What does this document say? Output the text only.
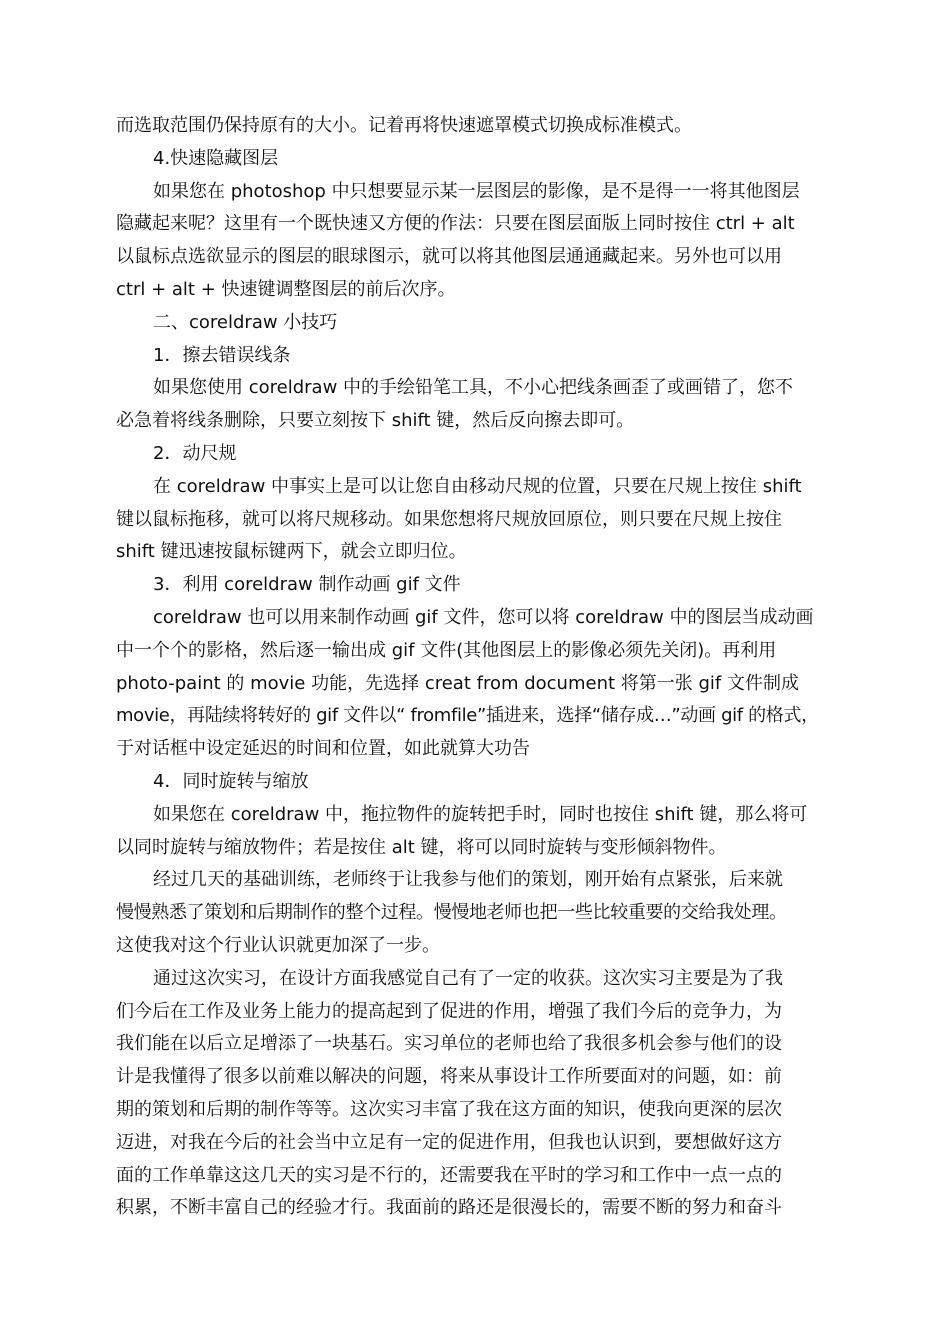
而选取范围仍保持原有的大小。记着再将快速遮罩模式切换成标准模式。
4.快速隐藏图层
如果您在 photoshop 中只想要显示某一层图层的影像，是不是得一一将其他图层
隐藏起来呢？这里有一个既快速又方便的作法：只要在图层面版上同时按住 ctrl + alt
以鼠标点选欲显示的图层的眼球图示，就可以将其他图层通通藏起来。另外也可以用
ctrl + alt + 快速键调整图层的前后次序。
二、coreldraw 小技巧
1．擦去错误线条
如果您使用 coreldraw 中的手绘铅笔工具，不小心把线条画歪了或画错了，您不
必急着将线条删除，只要立刻按下 shift 键，然后反向擦去即可。
2．动尺规
在 coreldraw 中事实上是可以让您自由移动尺规的位置，只要在尺规上按住 shift
键以鼠标拖移，就可以将尺规移动。如果您想将尺规放回原位，则只要在尺规上按住
shift 键迅速按鼠标键两下，就会立即归位。
3．利用 coreldraw 制作动画 gif 文件
coreldraw 也可以用来制作动画 gif 文件，您可以将 coreldraw 中的图层当成动画
中一个个的影格，然后逐一输出成 gif 文件(其他图层上的影像必须先关闭)。再利用
photo-paint 的 movie 功能，先选择 creat from document 将第一张 gif 文件制成
movie，再陆续将转好的 gif 文件以“ fromfile”插进来，选择“储存成…”动画 gif 的格式，
于对话框中设定延迟的时间和位置，如此就算大功告
4．同时旋转与缩放
如果您在 coreldraw 中，拖拉物件的旋转把手时，同时也按住 shift 键，那么将可
以同时旋转与缩放物件；若是按住 alt 键，将可以同时旋转与变形倾斜物件。
经过几天的基础训练，老师终于让我参与他们的策划，刚开始有点紧张，后来就
慢慢熟悉了策划和后期制作的整个过程。慢慢地老师也把一些比较重要的交给我处理。
这使我对这个行业认识就更加深了一步。
通过这次实习，在设计方面我感觉自己有了一定的收获。这次实习主要是为了我
们今后在工作及业务上能力的提高起到了促进的作用，增强了我们今后的竞争力，为
我们能在以后立足增添了一块基石。实习单位的老师也给了我很多机会参与他们的设
计是我懂得了很多以前难以解决的问题，将来从事设计工作所要面对的问题，如：前
期的策划和后期的制作等等。这次实习丰富了我在这方面的知识，使我向更深的层次
迈进，对我在今后的社会当中立足有一定的促进作用，但我也认识到，要想做好这方
面的工作单靠这这几天的实习是不行的，还需要我在平时的学习和工作中一点一点的
积累，不断丰富自己的经验才行。我面前的路还是很漫长的，需要不断的努力和奋斗
